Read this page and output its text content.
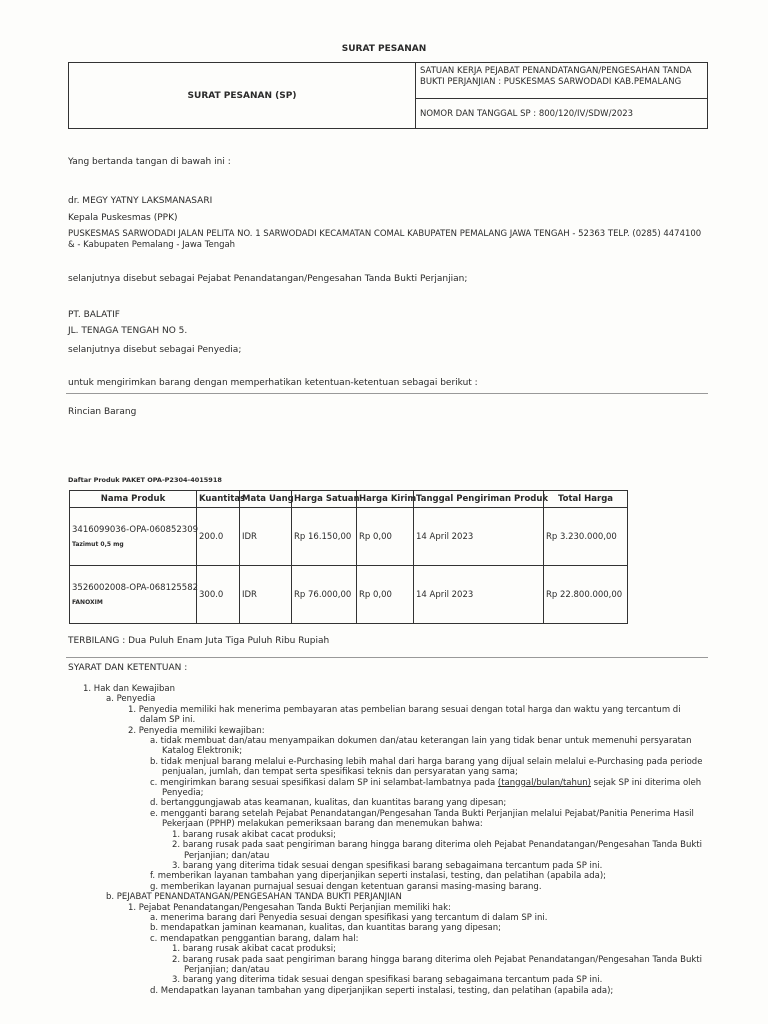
SURAT PESANAN
SURAT PESANAN (SP)
SATUAN KERJA PEJABAT PENANDATANGAN/PENGESAHAN TANDA BUKTI PERJANJIAN : PUSKESMAS SARWODADI KAB.PEMALANG
NOMOR DAN TANGGAL SP : 800/120/IV/SDW/2023
Yang bertanda tangan di bawah ini :
dr. MEGY YATNY LAKSMANASARI
Kepala Puskesmas (PPK)
PUSKESMAS SARWODADI JALAN PELITA NO. 1 SARWODADI KECAMATAN COMAL KABUPATEN PEMALANG JAWA TENGAH - 52363 TELP. (0285) 4474100
& - Kabupaten Pemalang - Jawa Tengah
selanjutnya disebut sebagai Pejabat Penandatangan/Pengesahan Tanda Bukti Perjanjian;
PT. BALATIF
JL. TENAGA TENGAH NO 5.
selanjutnya disebut sebagai Penyedia;
untuk mengirimkan barang dengan memperhatikan ketentuan-ketentuan sebagai berikut :
Rincian Barang
Daftar Produk PAKET OPA-P2304-4015918
Nama Produk	Kuantitas	Mata Uang	Harga Satuan	Harga Kirim	Tanggal Pengiriman Produk	Total Harga

3416099036-OPA-060852309
Tazimut 0,5 mg	200.0	IDR	Rp 16.150,00	Rp 0,00	14 April 2023	Rp 3.230.000,00

3526002008-OPA-068125582
FANOXIM	300.0	IDR	Rp 76.000,00	Rp 0,00	14 April 2023	Rp 22.800.000,00
TERBILANG : Dua Puluh Enam Juta Tiga Puluh Ribu Rupiah
SYARAT DAN KETENTUAN :
1. Hak dan Kewajiban
a. Penyedia
1. Penyedia memiliki hak menerima pembayaran atas pembelian barang sesuai dengan total harga dan waktu yang tercantum di dalam SP ini.
2. Penyedia memiliki kewajiban:
a. tidak membuat dan/atau menyampaikan dokumen dan/atau keterangan lain yang tidak benar untuk memenuhi persyaratan Katalog Elektronik;
b. tidak menjual barang melalui e-Purchasing lebih mahal dari harga barang yang dijual selain melalui e-Purchasing pada periode penjualan, jumlah, dan tempat serta spesifikasi teknis dan persyaratan yang sama;
c. mengirimkan barang sesuai spesifikasi dalam SP ini selambat-lambatnya pada (tanggal/bulan/tahun) sejak SP ini diterima oleh Penyedia;
d. bertanggungjawab atas keamanan, kualitas, dan kuantitas barang yang dipesan;
e. mengganti barang setelah Pejabat Penandatangan/Pengesahan Tanda Bukti Perjanjian melalui Pejabat/Panitia Penerima Hasil Pekerjaan (PPHP) melakukan pemeriksaan barang dan menemukan bahwa:
1. barang rusak akibat cacat produksi;
2. barang rusak pada saat pengiriman barang hingga barang diterima oleh Pejabat Penandatangan/Pengesahan Tanda Bukti Perjanjian; dan/atau
3. barang yang diterima tidak sesuai dengan spesifikasi barang sebagaimana tercantum pada SP ini.
f. memberikan layanan tambahan yang diperjanjikan seperti instalasi, testing, dan pelatihan (apabila ada);
g. memberikan layanan purnajual sesuai dengan ketentuan garansi masing-masing barang.
b. PEJABAT PENANDATANGAN/PENGESAHAN TANDA BUKTI PERJANJIAN
1. Pejabat Penandatangan/Pengesahan Tanda Bukti Perjanjian memiliki hak:
a. menerima barang dari Penyedia sesuai dengan spesifikasi yang tercantum di dalam SP ini.
b. mendapatkan jaminan keamanan, kualitas, dan kuantitas barang yang dipesan;
c. mendapatkan penggantian barang, dalam hal:
1. barang rusak akibat cacat produksi;
2. barang rusak pada saat pengiriman barang hingga barang diterima oleh Pejabat Penandatangan/Pengesahan Tanda Bukti Perjanjian; dan/atau
3. barang yang diterima tidak sesuai dengan spesifikasi barang sebagaimana tercantum pada SP ini.
d. Mendapatkan layanan tambahan yang diperjanjikan seperti instalasi, testing, dan pelatihan (apabila ada);
